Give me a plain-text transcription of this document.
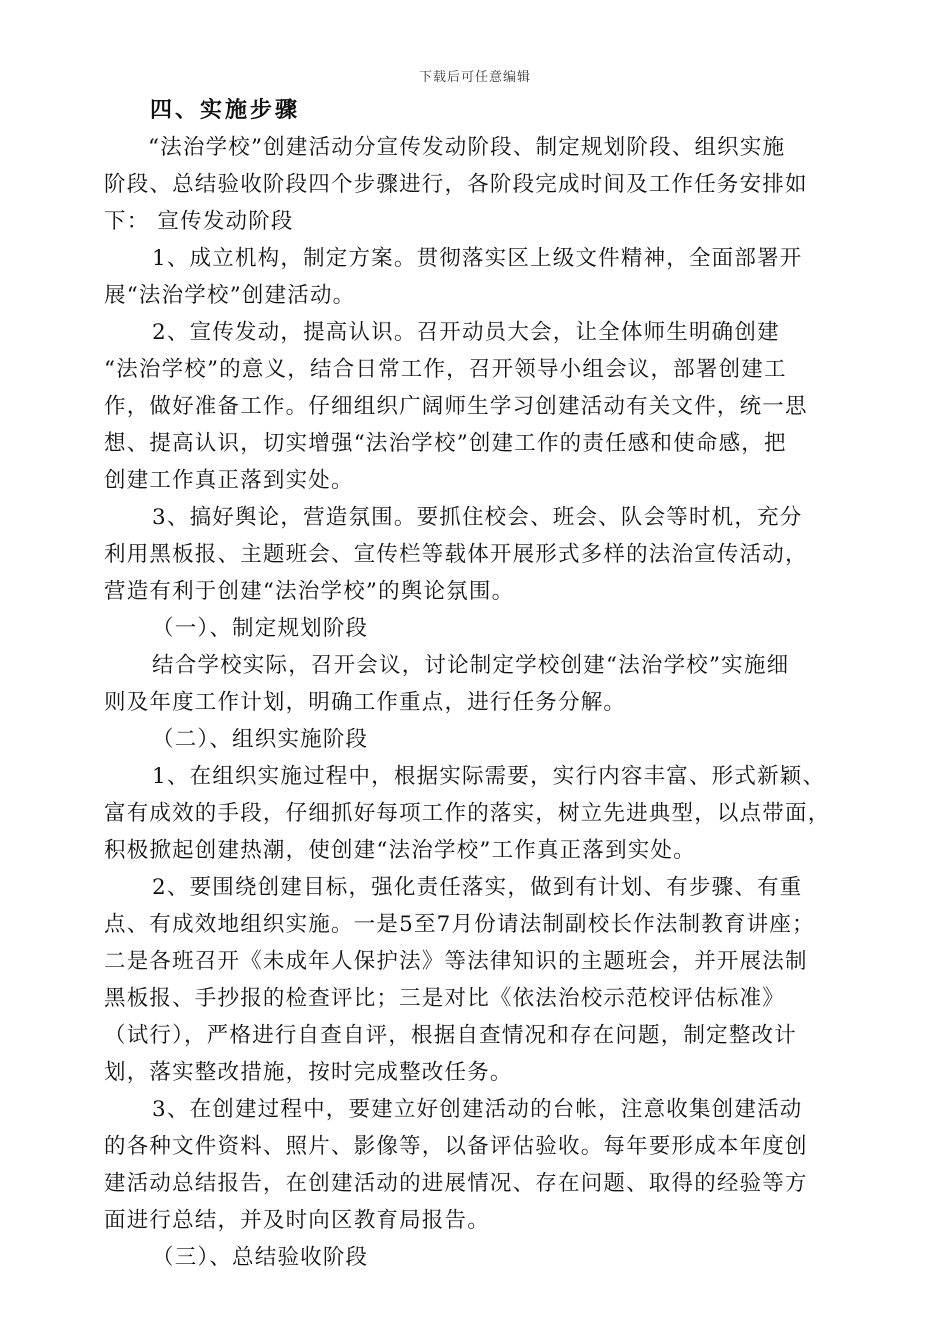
下载后可任意编辑
四、实施步骤
“法治学校”创建活动分宣传发动阶段、制定规划阶段、组织实施
阶段、总结验收阶段四个步骤进行，各阶段完成时间及工作任务安排如
下： 宣传发动阶段
1、成立机构，制定方案。贯彻落实区上级文件精神，全面部署开
展“法治学校”创建活动。
2、宣传发动，提高认识。召开动员大会，让全体师生明确创建
“法治学校”的意义，结合日常工作，召开领导小组会议，部署创建工
作，做好准备工作。仔细组织广阔师生学习创建活动有关文件，统一思
想、提高认识，切实增强“法治学校”创建工作的责任感和使命感，把
创建工作真正落到实处。
3、搞好舆论，营造氛围。要抓住校会、班会、队会等时机，充分
利用黑板报、主题班会、宣传栏等载体开展形式多样的法治宣传活动，
营造有利于创建“法治学校”的舆论氛围。
（一）、制定规划阶段
结合学校实际，召开会议，讨论制定学校创建“法治学校”实施细
则及年度工作计划，明确工作重点，进行任务分解。
（二）、组织实施阶段
1、在组织实施过程中，根据实际需要，实行内容丰富、形式新颖、
富有成效的手段，仔细抓好每项工作的落实，树立先进典型，以点带面，
积极掀起创建热潮，使创建“法治学校”工作真正落到实处。
2、要围绕创建目标，强化责任落实，做到有计划、有步骤、有重
点、有成效地组织实施。一是5至7月份请法制副校长作法制教育讲座；
二是各班召开《未成年人保护法》等法律知识的主题班会，并开展法制
黑板报、手抄报的检查评比；三是对比《依法治校示范校评估标准》
（试行），严格进行自查自评，根据自查情况和存在问题，制定整改计
划，落实整改措施，按时完成整改任务。
3、在创建过程中，要建立好创建活动的台帐，注意收集创建活动
的各种文件资料、照片、影像等，以备评估验收。每年要形成本年度创
建活动总结报告，在创建活动的进展情况、存在问题、取得的经验等方
面进行总结，并及时向区教育局报告。
（三）、总结验收阶段
